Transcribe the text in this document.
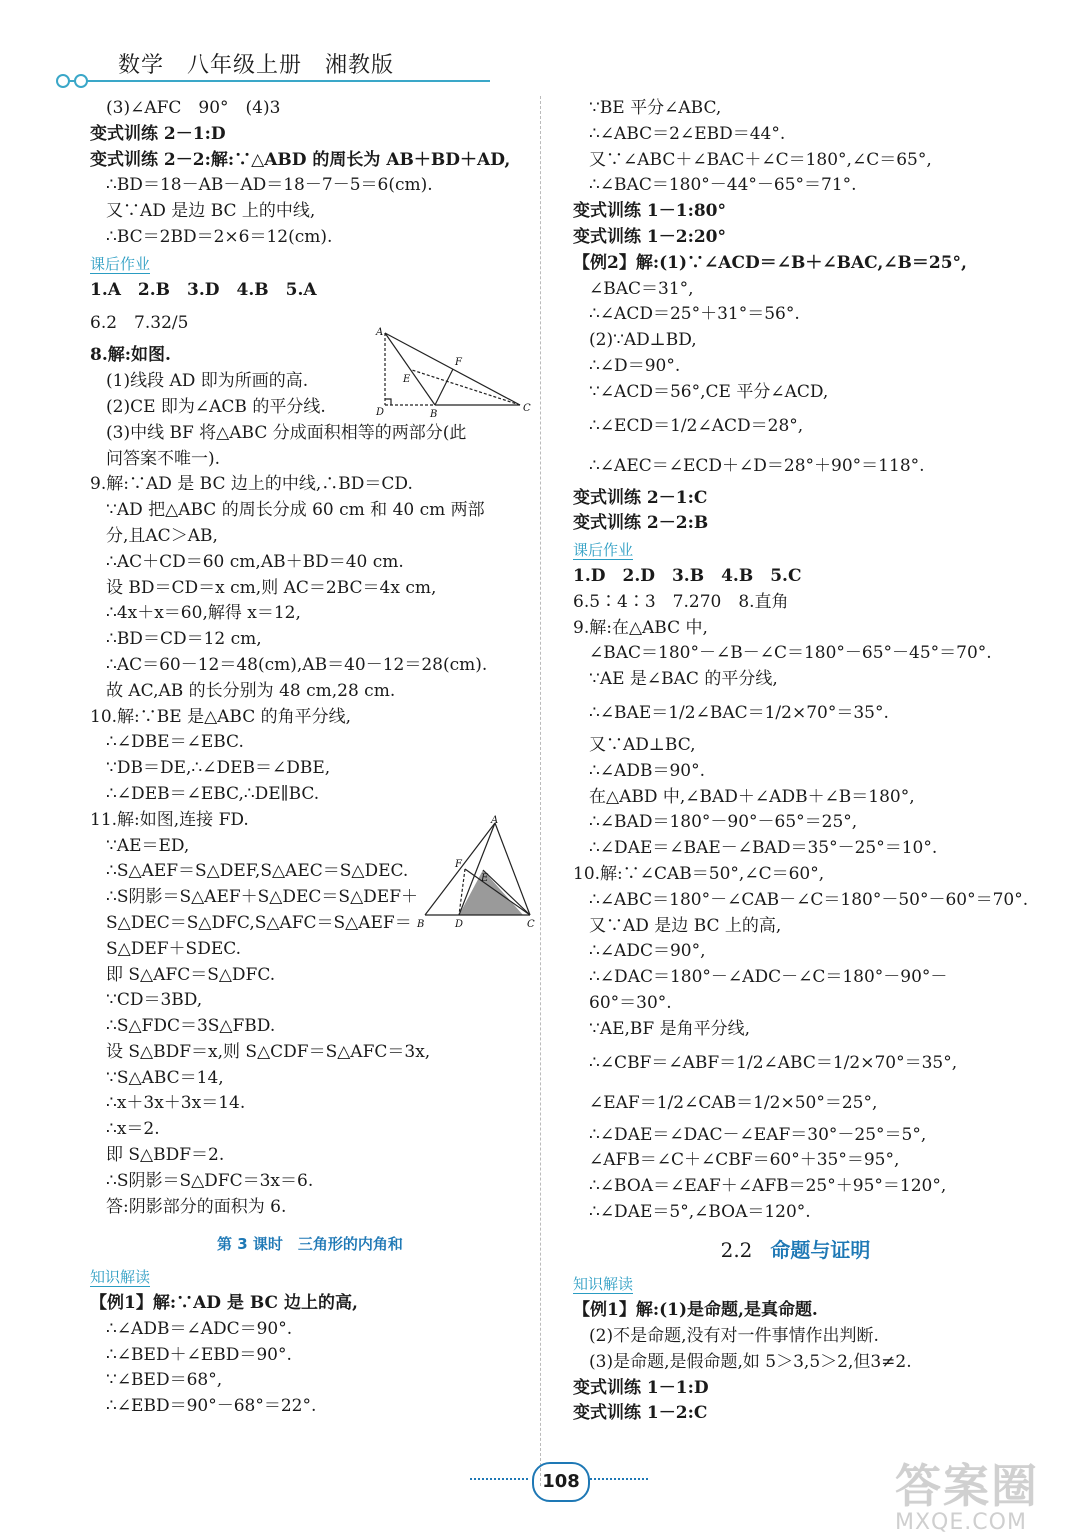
数学　八年级上册　湘教版
(3)∠AFC　90°　(4)3
变式训练 2－1:D
变式训练 2－2:解:∵△ABD 的周长为 AB＋BD＋AD,
∴BD＝18－AB－AD＝18－7－5＝6(cm).
又∵AD 是边 BC 上的中线,
∴BC＝2BD＝2×6＝12(cm).
课后作业
1.A　2.B　3.D　4.B　5.A
6.2　7.32/5
8.解:如图.
(1)线段 AD 即为所画的高.
(2)CE 即为∠ACB 的平分线.
(3)中线 BF 将△ABC 分成面积相等的两部分(此
问答案不唯一).
9.解:∵AD 是 BC 边上的中线,∴BD＝CD.
∵AD 把△ABC 的周长分成 60 cm 和 40 cm 两部
分,且AC＞AB,
∴AC＋CD＝60 cm,AB＋BD＝40 cm.
设 BD＝CD＝x cm,则 AC＝2BC＝4x cm,
∴4x＋x＝60,解得 x＝12,
∴BD＝CD＝12 cm,
∴AC＝60－12＝48(cm),AB＝40－12＝28(cm).
故 AC,AB 的长分别为 48 cm,28 cm.
10.解:∵BE 是△ABC 的角平分线,
∴∠DBE＝∠EBC.
∵DB＝DE,∴∠DEB＝∠DBE,
∴∠DEB＝∠EBC,∴DE∥BC.
11.解:如图,连接 FD.
∵AE＝ED,
∴S△AEF＝S△DEF,S△AEC＝S△DEC.
∴S阴影＝S△AEF＋S△DEC＝S△DEF＋
S△DEC＝S△DFC,S△AFC＝S△AEF＝
S△DEF＋SDEC.
即 S△AFC＝S△DFC.
∵CD＝3BD,
∴S△FDC＝3S△FBD.
设 S△BDF＝x,则 S△CDF＝S△AFC＝3x,
∵S△ABC＝14,
∴x＋3x＋3x＝14.
∴x＝2.
即 S△BDF＝2.
∴S阴影＝S△DFC＝3x＝6.
答:阴影部分的面积为 6.
第 3 课时　三角形的内角和
知识解读
【例1】解:∵AD 是 BC 边上的高,
∴∠ADB＝∠ADC＝90°.
∴∠BED＋∠EBD＝90°.
∵∠BED＝68°,
∴∠EBD＝90°－68°＝22°.
∵BE 平分∠ABC,
∴∠ABC＝2∠EBD＝44°.
又∵∠ABC＋∠BAC＋∠C＝180°,∠C＝65°,
∴∠BAC＝180°－44°－65°＝71°.
变式训练 1－1:80°
变式训练 1－2:20°
【例2】解:(1)∵∠ACD＝∠B＋∠BAC,∠B＝25°,
∠BAC＝31°,
∴∠ACD＝25°＋31°＝56°.
(2)∵AD⊥BD,
∴∠D＝90°.
∵∠ACD＝56°,CE 平分∠ACD,
∴∠ECD＝1/2∠ACD＝28°,
∴∠AEC＝∠ECD＋∠D＝28°＋90°＝118°.
变式训练 2－1:C
变式训练 2－2:B
课后作业
1.D　2.D　3.B　4.B　5.C
6.5∶4∶3　7.270　8.直角
9.解:在△ABC 中,
∠BAC＝180°－∠B－∠C＝180°－65°－45°＝70°.
∵AE 是∠BAC 的平分线,
∴∠BAE＝1/2∠BAC＝1/2×70°＝35°.
又∵AD⊥BC,
∴∠ADB＝90°.
在△ABD 中,∠BAD＋∠ADB＋∠B＝180°,
∴∠BAD＝180°－90°－65°＝25°,
∴∠DAE＝∠BAE－∠BAD＝35°－25°＝10°.
10.解:∵∠CAB＝50°,∠C＝60°,
∴∠ABC＝180°－∠CAB－∠C＝180°－50°－60°＝70°.
又∵AD 是边 BC 上的高,
∴∠ADC＝90°,
∴∠DAC＝180°－∠ADC－∠C＝180°－90°－
60°＝30°.
∵AE,BF 是角平分线,
∴∠CBF＝∠ABF＝1/2∠ABC＝1/2×70°＝35°,
∠EAF＝1/2∠CAB＝1/2×50°＝25°,
∴∠DAE＝∠DAC－∠EAF＝30°－25°＝5°,
∠AFB＝∠C＋∠CBF＝60°＋35°＝95°,
∴∠BOA＝∠EAF＋∠AFB＝25°＋95°＝120°,
∴∠DAE＝5°,∠BOA＝120°.
2.2 命题与证明
知识解读
【例1】解:(1)是命题,是真命题.
(2)不是命题,没有对一件事情作出判断.
(3)是命题,是假命题,如 5＞3,5＞2,但3≠2.
变式训练 1－1:D
变式训练 1－2:C
A
F
E
D	B
C
A
F
E
B	D	C
108	答案圈
MXQE.COM
